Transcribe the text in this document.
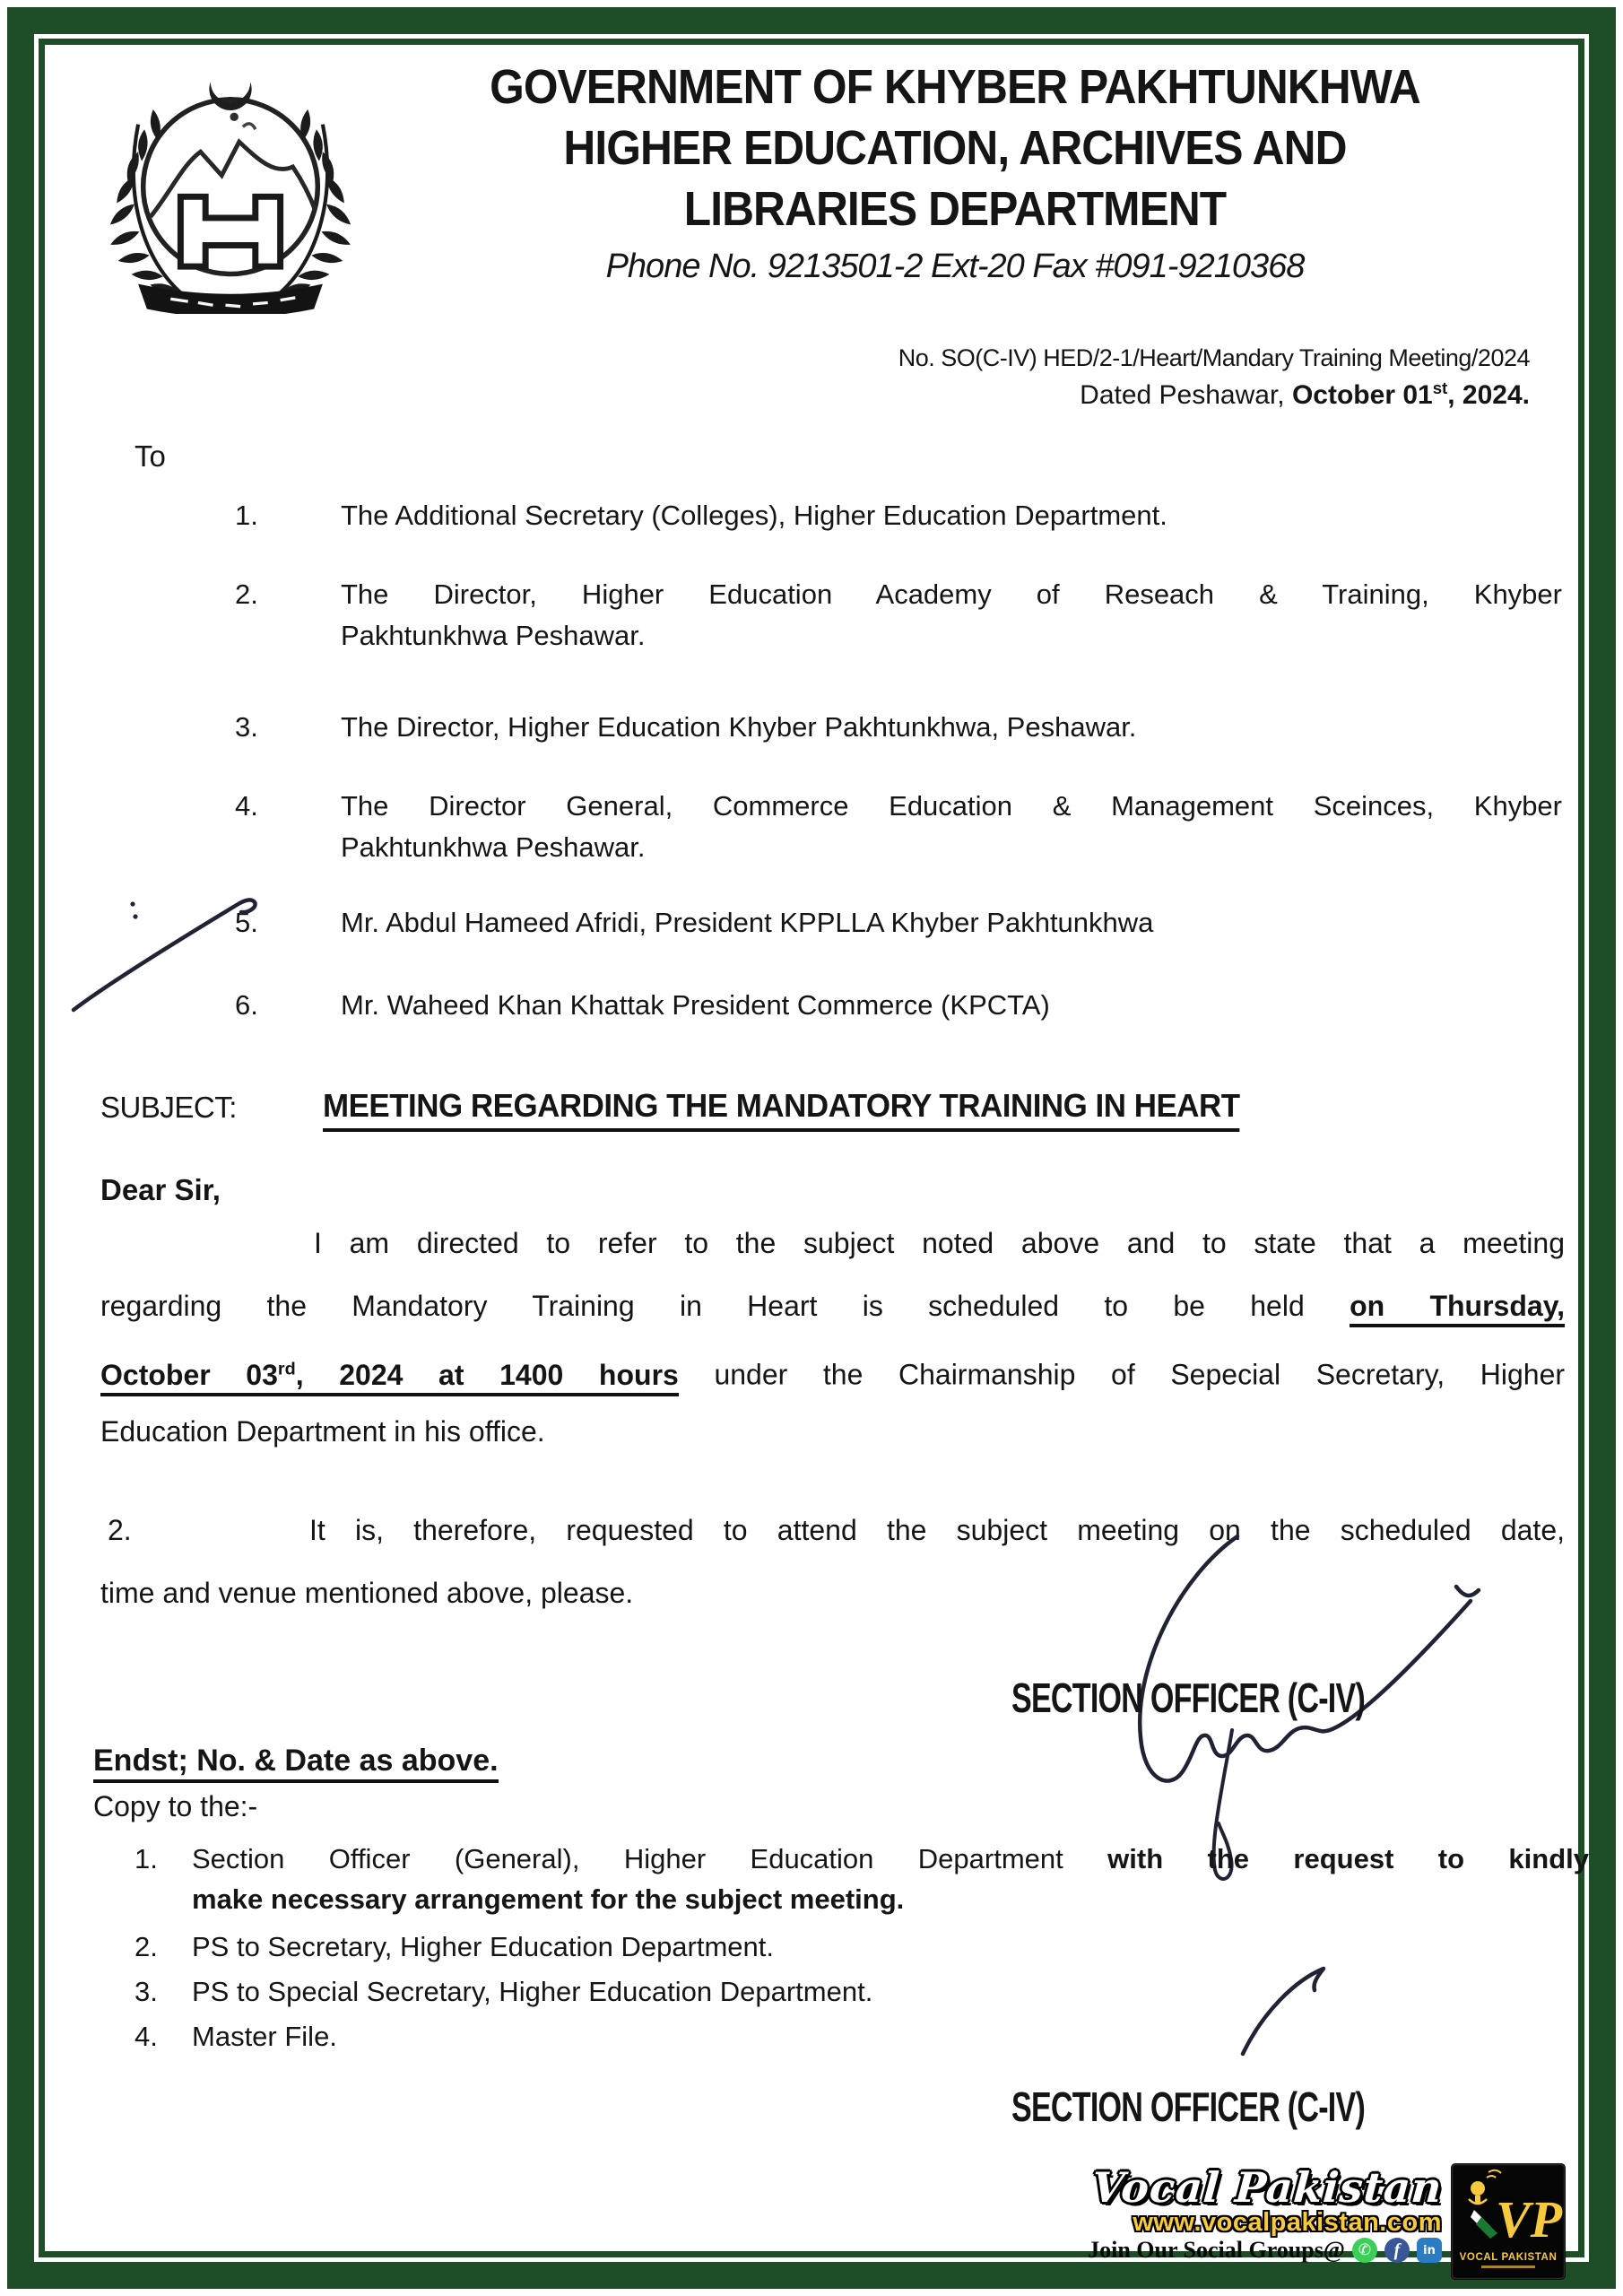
GOVERNMENT OF KHYBER PAKHTUNKHWA
HIGHER EDUCATION, ARCHIVES AND
LIBRARIES DEPARTMENT
Phone No. 9213501-2 Ext-20 Fax #091-9210368
No. SO(C-IV) HED/2-1/Heart/Mandary Training Meeting/2024
Dated Peshawar, October 01st, 2024.
To
1.	The Additional Secretary (Colleges), Higher Education Department.
2.	The Director, Higher Education Academy of Reseach & Training, Khyber
Pakhtunkhwa Peshawar.
3.	The Director, Higher Education Khyber Pakhtunkhwa, Peshawar.
4.	The Director General, Commerce Education & Management Sceinces, Khyber
Pakhtunkhwa Peshawar.
5.	Mr. Abdul Hameed Afridi, President KPPLLA Khyber Pakhtunkhwa
6.	Mr. Waheed Khan Khattak President Commerce (KPCTA)
SUBJECT:	MEETING REGARDING THE MANDATORY TRAINING IN HEART
Dear Sir,
I am directed to refer to the subject noted above and to state that a meeting
regarding the Mandatory Training in Heart is scheduled to be held on Thursday,
October 03rd, 2024 at 1400 hours under the Chairmanship of Sepecial Secretary, Higher
Education Department in his office.
2.	It is, therefore, requested to attend the subject meeting on the scheduled date,
time and venue mentioned above, please.
SECTION OFFICER (C-IV)
Endst; No. & Date as above.
Copy to the:-
1.	Section Officer (General), Higher Education Department with the request to kindly
make necessary arrangement for the subject meeting.
2.	PS to Secretary, Higher Education Department.
3.	PS to Special Secretary, Higher Education Department.
4.	Master File.
SECTION OFFICER (C-IV)
Vocal Pakistan
www.vocalpakistan.com
Join Our Social Groups@ ✆	f	in
VP
VOCAL PAKISTAN
